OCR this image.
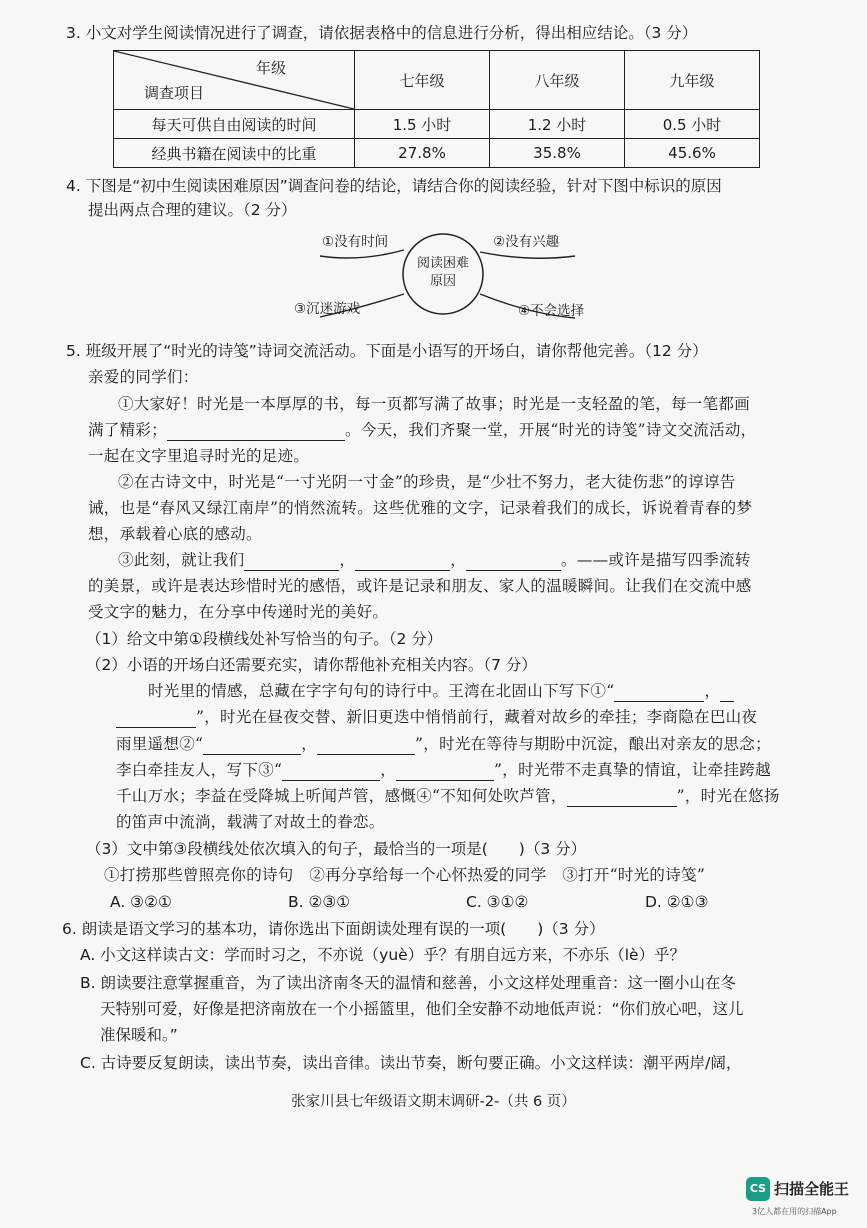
3. 小文对学生阅读情况进行了调查，请依据表格中的信息进行分析，得出相应结论。（3 分）
年级
调查项目	七年级	八年级	九年级
每天可供自由阅读的时间	1.5 小时	1.2 小时	0.5 小时
经典书籍在阅读中的比重	27.8%	35.8%	45.6%
4. 下图是“初中生阅读困难原因”调查问卷的结论，请结合你的阅读经验，针对下图中标识的原因
提出两点合理的建议。（2 分）
①没有时间	②没有兴趣
③沉迷游戏	④不会选择
阅读困难
原因
5. 班级开展了“时光的诗笺”诗词交流活动。下面是小语写的开场白，请你帮他完善。（12 分）
亲爱的同学们：
①大家好！时光是一本厚厚的书，每一页都写满了故事；时光是一支轻盈的笔，每一笔都画
满了精彩；	。今天，我们齐聚一堂，开展“时光的诗笺”诗文交流活动，
一起在文字里追寻时光的足迹。
②在古诗文中，时光是“一寸光阴一寸金”的珍贵，是“少壮不努力，老大徒伤悲”的谆谆告
诫，也是“春风又绿江南岸”的悄然流转。这些优雅的文字，记录着我们的成长，诉说着青春的梦
想，承载着心底的感动。
③此刻，就让我们	，	，	。——或许是描写四季流转
的美景，或许是表达珍惜时光的感悟，或许是记录和朋友、家人的温暖瞬间。让我们在交流中感
受文字的魅力，在分享中传递时光的美好。
（1）给文中第①段横线处补写恰当的句子。（2 分）
（2）小语的开场白还需要充实，请你帮他补充相关内容。（7 分）
时光里的情感，总藏在字字句句的诗行中。王湾在北固山下写下①“	，
”，时光在昼夜交替、新旧更迭中悄悄前行，藏着对故乡的牵挂；李商隐在巴山夜
雨里遥想②“	，	”，时光在等待与期盼中沉淀，酿出对亲友的思念；
李白牵挂友人，写下③“	，	”，时光带不走真挚的情谊，让牵挂跨越
千山万水；李益在受降城上听闻芦管，感慨④“不知何处吹芦管，	”，时光在悠扬
的笛声中流淌，载满了对故土的眷恋。
（3）文中第③段横线处依次填入的句子，最恰当的一项是(　　)（3 分）
①打捞那些曾照亮你的诗句　②再分享给每一个心怀热爱的同学　③打开“时光的诗笺”
A. ③②①	B. ②③①	C. ③①②	D. ②①③
6. 朗读是语文学习的基本功，请你选出下面朗读处理有误的一项(　　)（3 分）
A. 小文这样读古文：学而时习之，不亦说（yuè）乎？有朋自远方来，不亦乐（lè）乎？
B. 朗读要注意掌握重音，为了读出济南冬天的温情和慈善，小文这样处理重音：这一圈小山在冬
天特别可爱，好像是把济南放在一个小摇篮里，他们全安静不动地低声说：“你们放心吧，这儿
准保暖和。”
C. 古诗要反复朗读，读出节奏，读出音律。读出节奏，断句要正确。小文这样读：潮平两岸/阔，
张家川县七年级语文期末调研-2-（共 6 页）
CS 扫描全能王
3亿人都在用的扫描App
